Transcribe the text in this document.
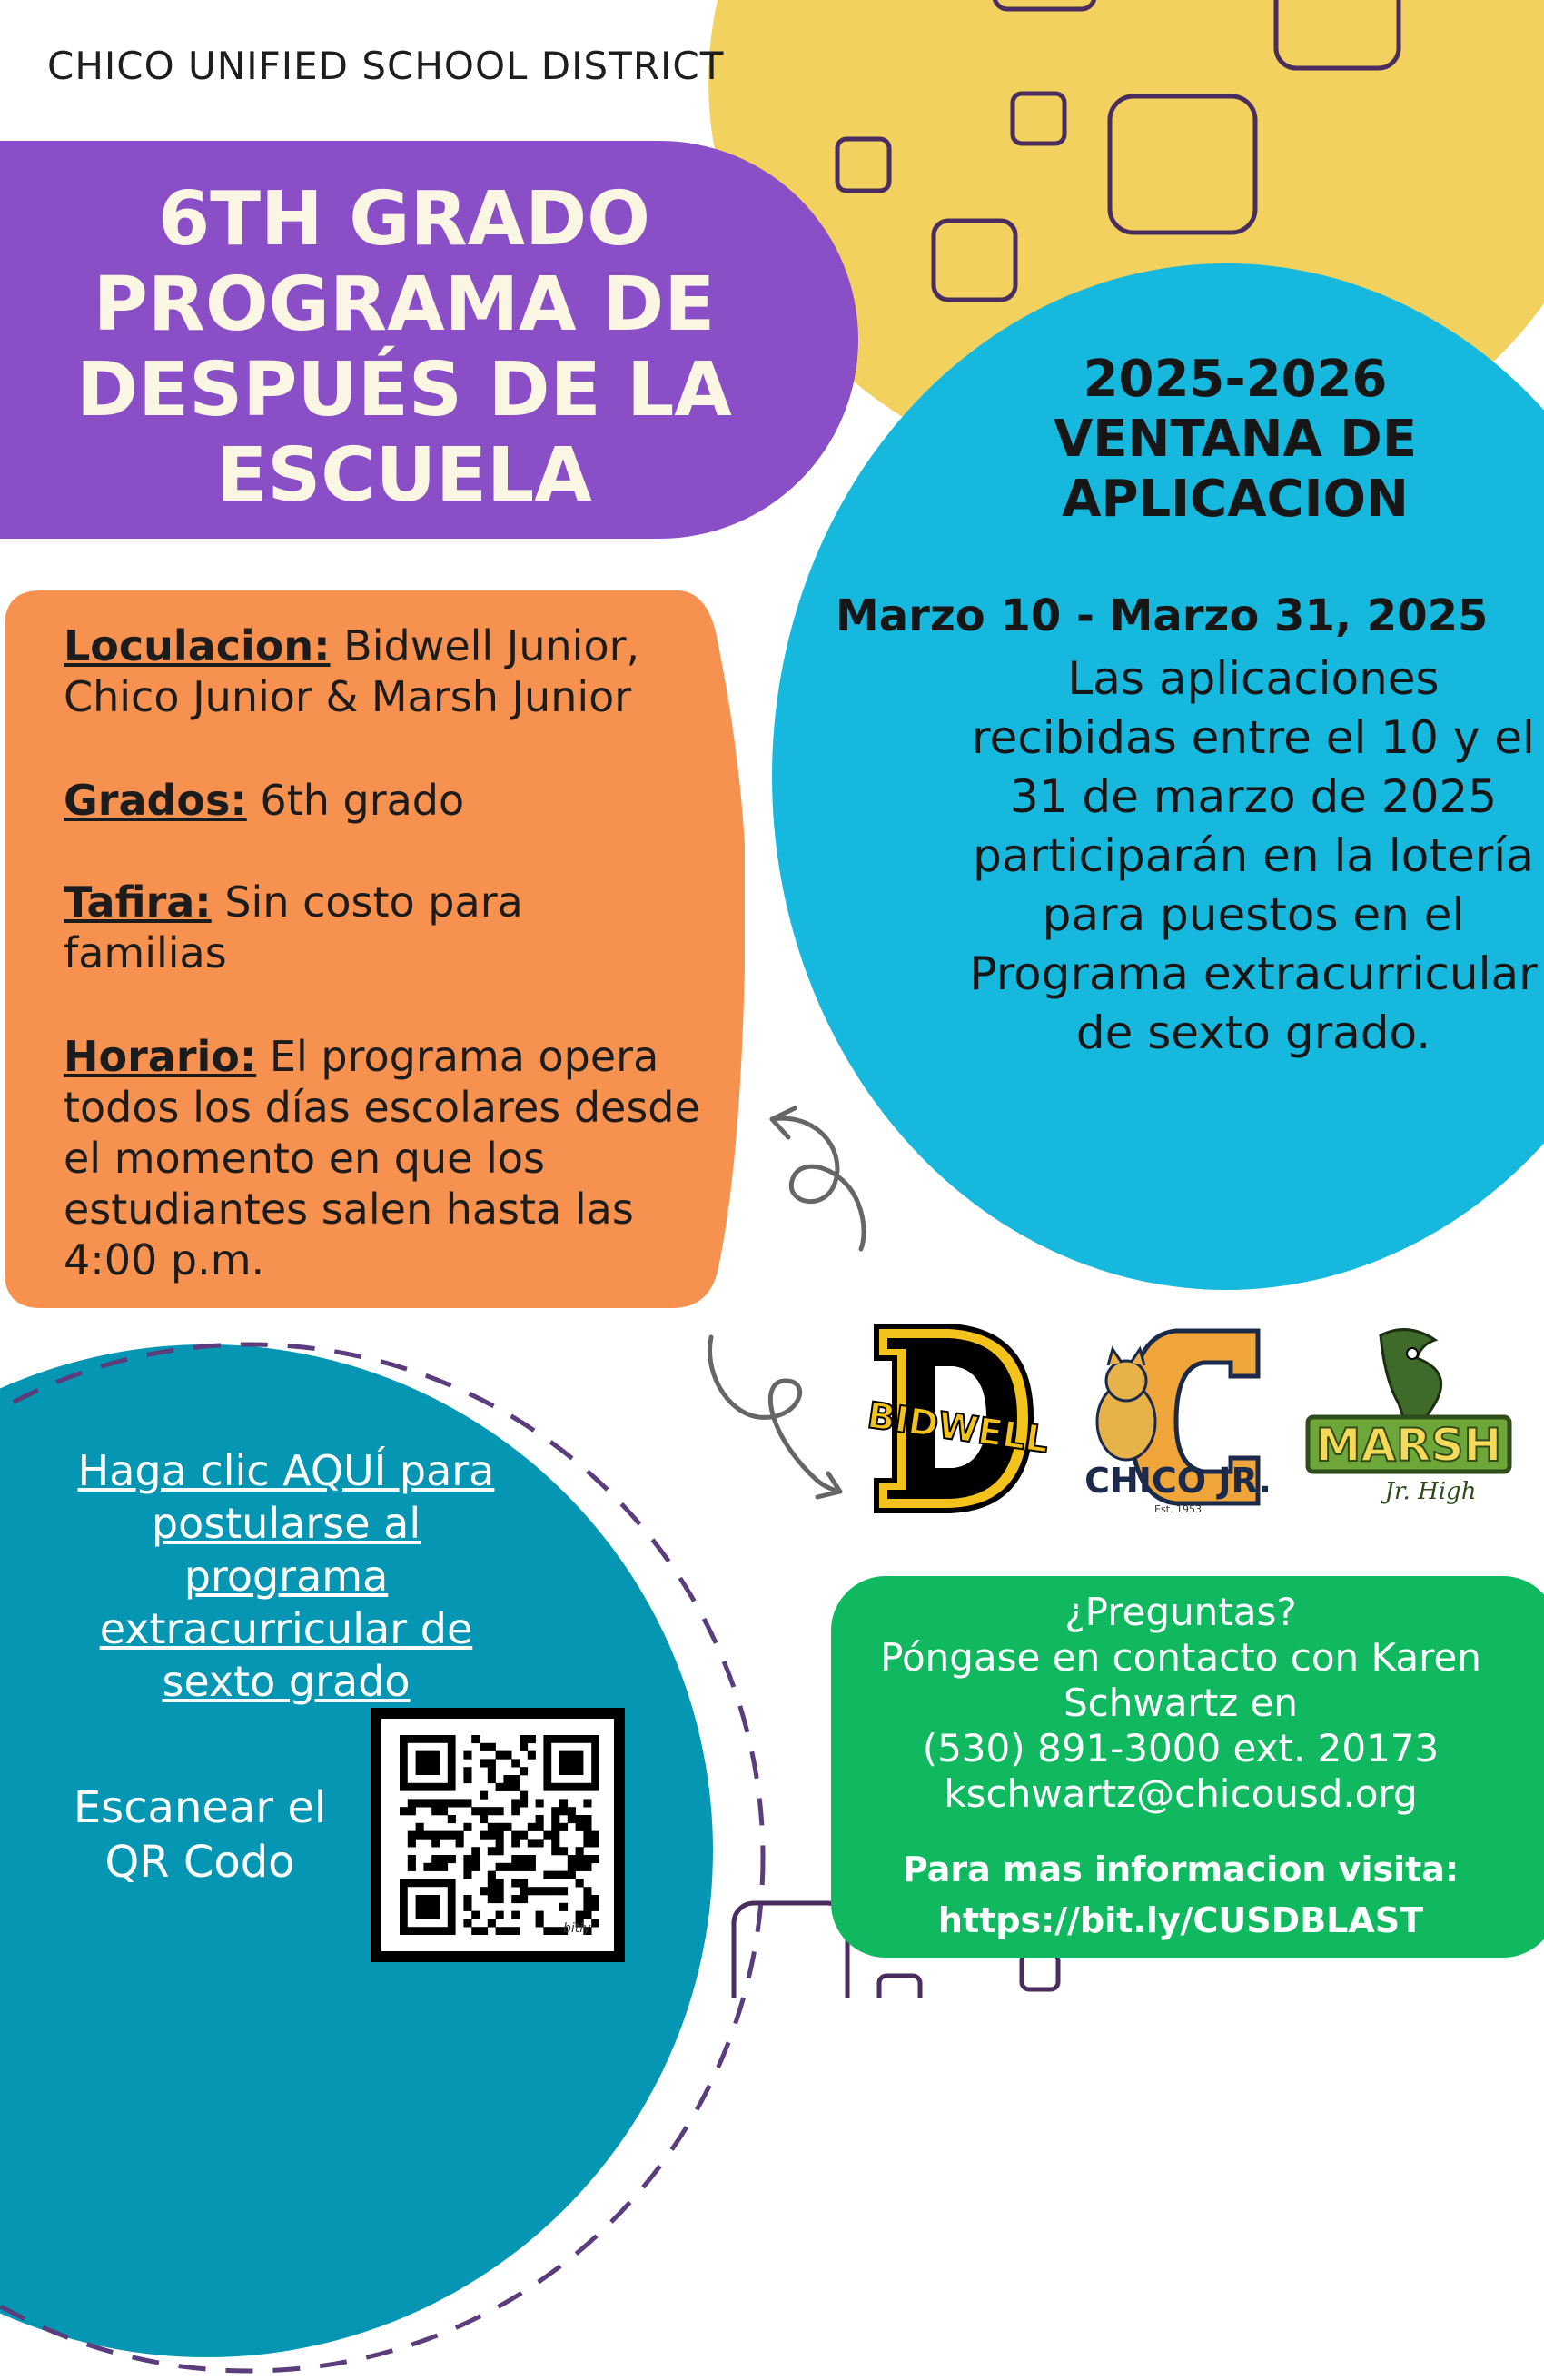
CHICO UNIFIED SCHOOL DISTRICT
6TH GRADO
PROGRAMA DE
DESPUÉS DE LA
ESCUELA
2025-2026
VENTANA DE
APLICACION
Marzo 10 - Marzo 31, 2025
Las aplicaciones recibidas entre el 10 y el 31 de marzo de 2025 participarán en la lotería para puestos en el Programa extracurricular de sexto grado.
Loculacion: Bidwell Junior, Chico Junior & Marsh Junior
Grados: 6th grado
Tafira: Sin costo para familias
Horario: El programa opera todos los días escolares desde el momento en que los estudiantes salen hasta las 4:00 p.m.
BIDWELL
CHICO JR.
Est. 1953
MARSH
Jr. High
Haga clic AQUÍ para postularse al programa extracurricular de sexto grado
Escanear el QR Codo
bitly
¿Preguntas?
Póngase en contacto con Karen Schwartz en
(530) 891-3000 ext. 20173
kschwartz@chicousd.org
Para mas informacion visita:
https://bit.ly/CUSDBLAST
